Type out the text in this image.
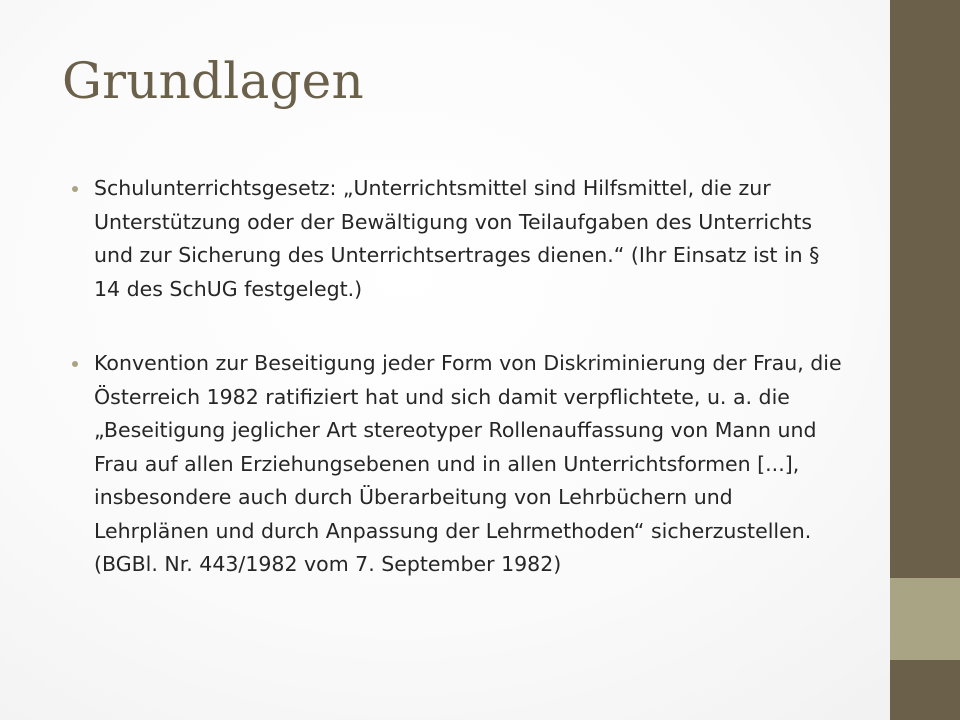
Grundlagen
Schulunterrichtsgesetz: „Unterrichtsmittel sind Hilfsmittel, die zur Unterstützung oder der Bewältigung von Teilaufgaben des Unterrichts und zur Sicherung des Unterrichtsertrages dienen.“ (Ihr Einsatz ist in § 14 des SchUG festgelegt.)
Konvention zur Beseitigung jeder Form von Diskriminierung der Frau, die Österreich 1982 ratifiziert hat und sich damit verpflichtete, u. a. die „Beseitigung jeglicher Art stereotyper Rollenauffassung von Mann und Frau auf allen Erziehungsebenen und in allen Unterrichtsformen [...], insbesondere auch durch Überarbeitung von Lehrbüchern und Lehrplänen und durch Anpassung der Lehrmethoden“ sicherzustellen. (BGBl. Nr. 443/1982 vom 7. September 1982)
